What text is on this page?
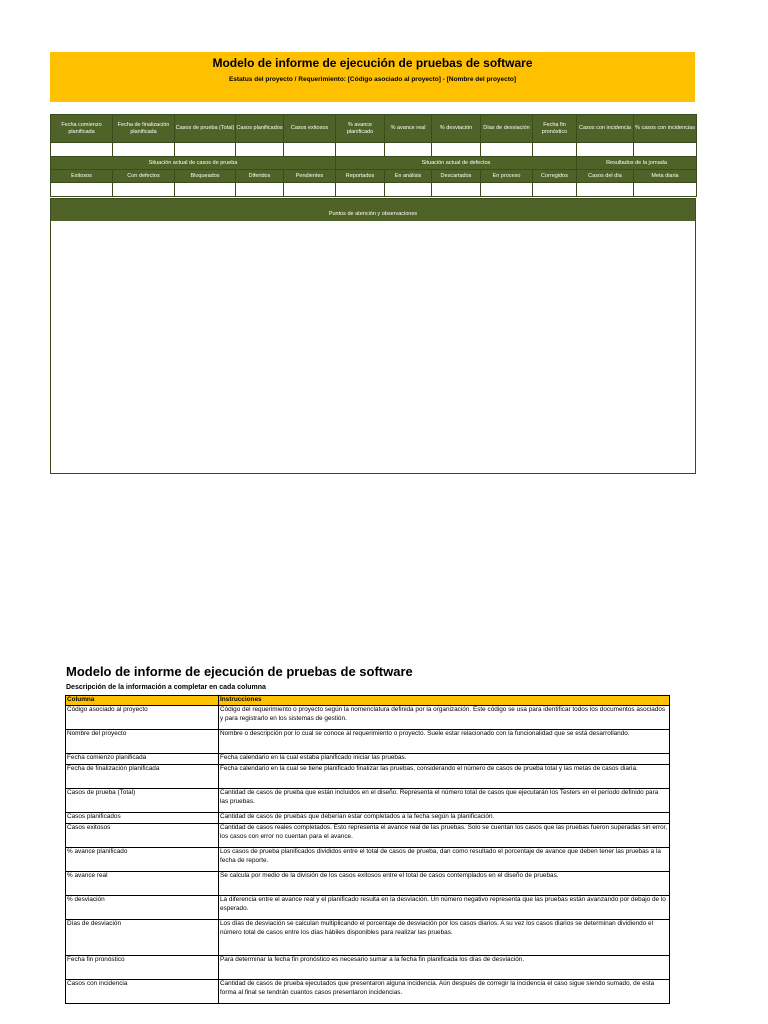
Modelo de informe de ejecución de pruebas de software
Estatus del proyecto / Requerimiento: [Código asociado al proyecto] - [Nombre del proyecto]
Fecha comienzo planificada	Fecha de finalización planificada	Casos de prueba (Total)	Casos planificados	Casos exitosos	% avance planificado	% avance real	% desviación	Días de desviación	Fecha fin pronóstico	Casos con incidencia	% casos con incidencias

Situación actual de casos de prueba					Situación actual de defectos					Resultados de la jornada	
Exitosos	Con defectos	Bloqueados	Diferidos	Pendientes	Reportados	En análisis	Descartados	En proceso	Corregidos	Casos del día	Meta diaria

Puntos de atención y observaciones
Modelo de informe de ejecución de pruebas de software
Descripción de la información a completar en cada columna
Columna	Instrucciones
Código asociado al proyecto	Código del requerimiento o proyecto según la nomenclatura definida por la organización. Este código se usa para identificar todos los documentos asociados y para registrarlo en los sistemas de gestión.
Nombre del proyecto	Nombre o descripción por lo cual se conoce al requerimiento o proyecto. Suele estar relacionado con la funcionalidad que se está desarrollando.
Fecha comienzo planificada	Fecha calendario en la cual estaba planificado iniciar las pruebas.
Fecha de finalización planificada	Fecha calendario en la cual se tiene planificado finalizar las pruebas, considerando el número de casos de prueba total y las metas de casos diaria.
Casos de prueba (Total)	Cantidad de casos de prueba que están incluidos en el diseño. Representa el número total de casos que ejecutarán los Testers en el período definido para las pruebas.
Casos planificados	Cantidad de casos de pruebas que deberían estar completados a la fecha según la planificación.
Casos exitosos	Cantidad de casos reales completados. Esto representa el avance real de las pruebas. Solo se cuentan los casos que las pruebas fueron superadas sin error, los casos con error no cuentan para el avance.
% avance planificado	Los casos de prueba planificados divididos entre el total de casos de prueba, dan como resultado el porcentaje de avance que deben tener las pruebas a la fecha de reporte.
% avance real	Se calcula por medio de la división de los casos exitosos entre el total de casos contemplados en el diseño de pruebas.
% desviación	La diferencia entre el avance real y el planificado resulta en la desviación. Un número negativo representa que las pruebas están avanzando por debajo de lo esperado.
Días de desviación	Los días de desviación se calculan multiplicando el porcentaje de desviación por los casos diarios. A su vez los casos diarios se determinan dividiendo el número total de casos entre los días hábiles disponibles para realizar las pruebas.
Fecha fin pronóstico	Para determinar la fecha fin pronóstico es necesario sumar a la fecha fin planificada los días de desviación.
Casos con incidencia	Cantidad de casos de prueba ejecutados que presentaron alguna incidencia. Aún después de corregir la incidencia el caso sigue siendo sumado, de esta forma al final se tendrán cuantos casos presentaron incidencias.
